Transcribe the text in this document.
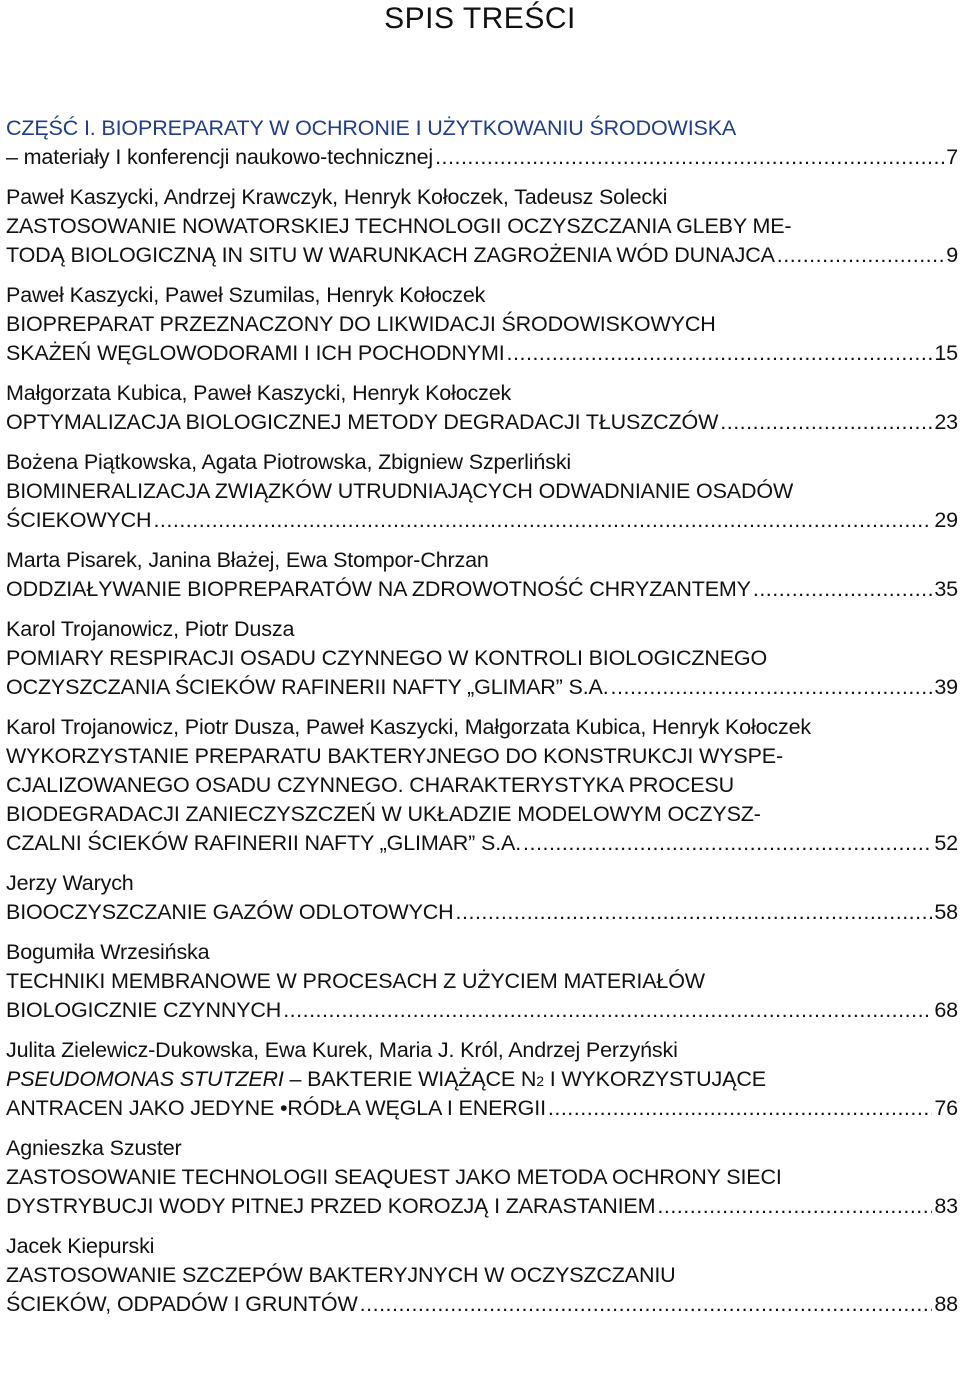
SPIS TREŚCI
CZĘŚĆ I. BIOPREPARATY W OCHRONIE I UŻYTKOWANIU ŚRODOWISKA
– materiały I konferencji naukowo-technicznej .....	7
Paweł Kaszycki, Andrzej Krawczyk, Henryk Kołoczek, Tadeusz Solecki
ZASTOSOWANIE NOWATORSKIEJ TECHNOLOGII OCZYSZCZANIA GLEBY ME-
TODĄ BIOLOGICZNĄ IN SITU W WARUNKACH ZAGROŻENIA WÓD DUNAJCA .....	9
Paweł Kaszycki, Paweł Szumilas, Henryk Kołoczek
BIOPREPARAT PRZEZNACZONY DO LIKWIDACJI ŚRODOWISKOWYCH
SKAŻEŃ WĘGLOWODORAMI I ICH POCHODNYMI .....	15
Małgorzata Kubica, Paweł Kaszycki, Henryk Kołoczek
OPTYMALIZACJA BIOLOGICZNEJ METODY DEGRADACJI TŁUSZCZÓW .....	23
Bożena Piątkowska, Agata Piotrowska, Zbigniew Szperliński
BIOMINERALIZACJA ZWIĄZKÓW UTRUDNIAJĄCYCH ODWADNIANIE OSADÓW
ŚCIEKOWYCH .....	29
Marta Pisarek, Janina Błażej, Ewa Stompor-Chrzan
ODDZIAŁYWANIE BIOPREPARATÓW NA ZDROWOTNOŚĆ CHRYZANTEMY .....	35
Karol Trojanowicz, Piotr Dusza
POMIARY RESPIRACJI OSADU CZYNNEGO W KONTROLI BIOLOGICZNEGO
OCZYSZCZANIA ŚCIEKÓW RAFINERII NAFTY „GLIMAR” S.A. .....	39
Karol Trojanowicz, Piotr Dusza, Paweł Kaszycki, Małgorzata Kubica, Henryk Kołoczek
WYKORZYSTANIE PREPARATU BAKTERYJNEGO DO KONSTRUKCJI WYSPE-
CJALIZOWANEGO OSADU CZYNNEGO. CHARAKTERYSTYKA PROCESU
BIODEGRADACJI ZANIECZYSZCZEŃ W UKŁADZIE MODELOWYM OCZYSZ-
CZALNI ŚCIEKÓW RAFINERII NAFTY „GLIMAR” S.A. .....	52
Jerzy Warych
BIOOCZYSZCZANIE GAZÓW ODLOTOWYCH .....	58
Bogumiła Wrzesińska
TECHNIKI MEMBRANOWE W PROCESACH Z UŻYCIEM MATERIAŁÓW
BIOLOGICZNIE CZYNNYCH .....	68
Julita Zielewicz-Dukowska, Ewa Kurek, Maria J. Król, Andrzej Perzyński
PSEUDOMONAS STUTZERI – BAKTERIE WIĄŻĄCE N 2 I WYKORZYSTUJĄCE
ANTRACEN JAKO JEDYNE •RÓDŁA WĘGLA I ENERGII .....	76
Agnieszka Szuster
ZASTOSOWANIE TECHNOLOGII SEAQUEST JAKO METODA OCHRONY SIECI
DYSTRYBUCJI WODY PITNEJ PRZED KOROZJĄ I ZARASTANIEM .....	83
Jacek Kiepurski
ZASTOSOWANIE SZCZEPÓW BAKTERYJNYCH W OCZYSZCZANIU
ŚCIEKÓW, ODPADÓW I GRUNTÓW .....	88
